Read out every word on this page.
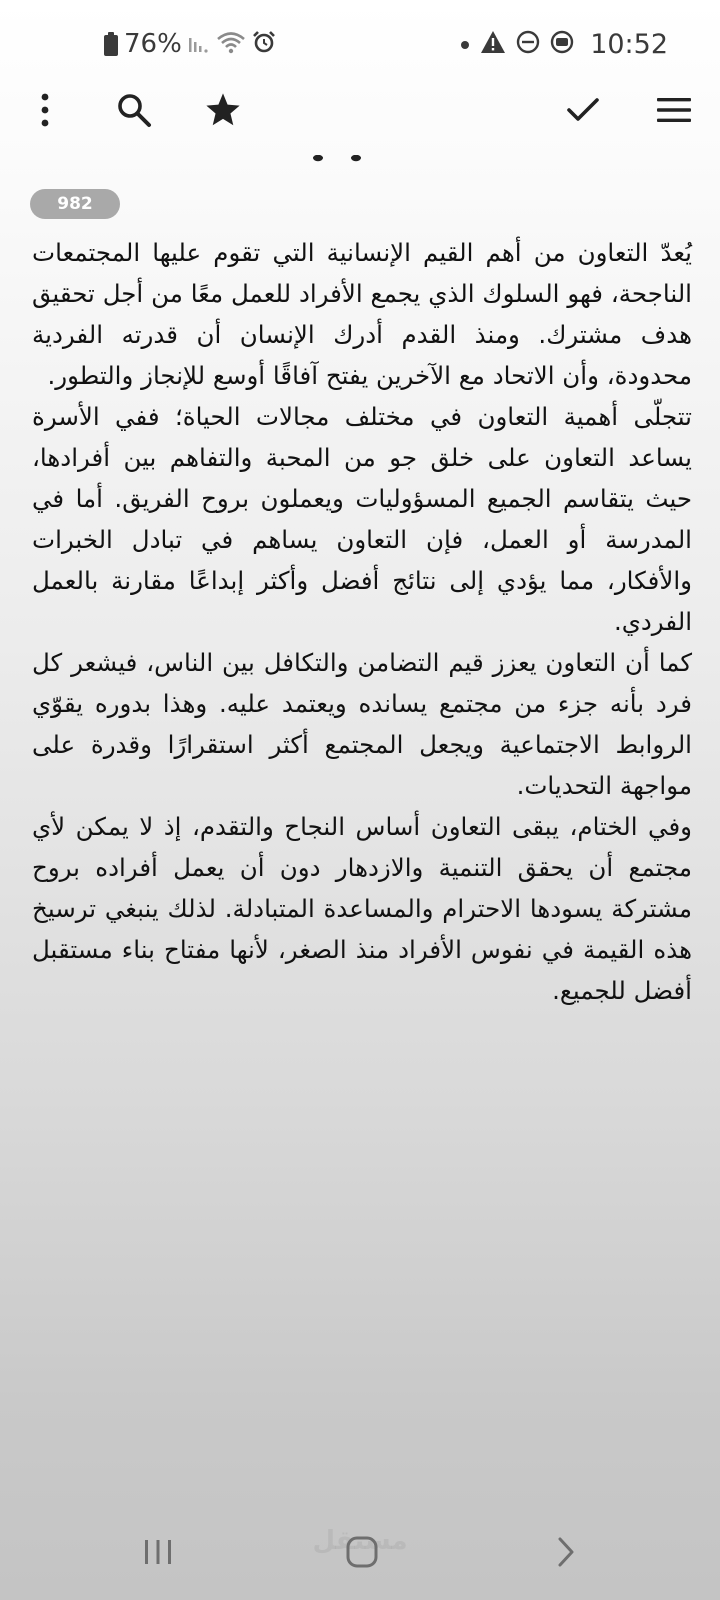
76%	10:52
982

يُعدّ التعاون من أهم القيم الإنسانية التي تقوم عليها المجتمعات الناجحة، فهو السلوك الذي يجمع الأفراد للعمل معًا من أجل تحقيق هدف مشترك. ومنذ القدم أدرك الإنسان أن قدرته الفردية محدودة، وأن الاتحاد مع الآخرين يفتح آفاقًا أوسع للإنجاز والتطور.

تتجلّى أهمية التعاون في مختلف مجالات الحياة؛ ففي الأسرة يساعد التعاون على خلق جو من المحبة والتفاهم بين أفرادها، حيث يتقاسم الجميع المسؤوليات ويعملون بروح الفريق. أما في المدرسة أو العمل، فإن التعاون يساهم في تبادل الخبرات والأفكار، مما يؤدي إلى نتائج أفضل وأكثر إبداعًا مقارنة بالعمل الفردي.

كما أن التعاون يعزز قيم التضامن والتكافل بين الناس، فيشعر كل فرد بأنه جزء من مجتمع يسانده ويعتمد عليه. وهذا بدوره يقوّي الروابط الاجتماعية ويجعل المجتمع أكثر استقرارًا وقدرة على مواجهة التحديات.

وفي الختام، يبقى التعاون أساس النجاح والتقدم، إذ لا يمكن لأي مجتمع أن يحقق التنمية والازدهار دون أن يعمل أفراده بروح مشتركة يسودها الاحترام والمساعدة المتبادلة. لذلك ينبغي ترسيخ هذه القيمة في نفوس الأفراد منذ الصغر، لأنها مفتاح بناء مستقبل أفضل للجميع.

مستقل
